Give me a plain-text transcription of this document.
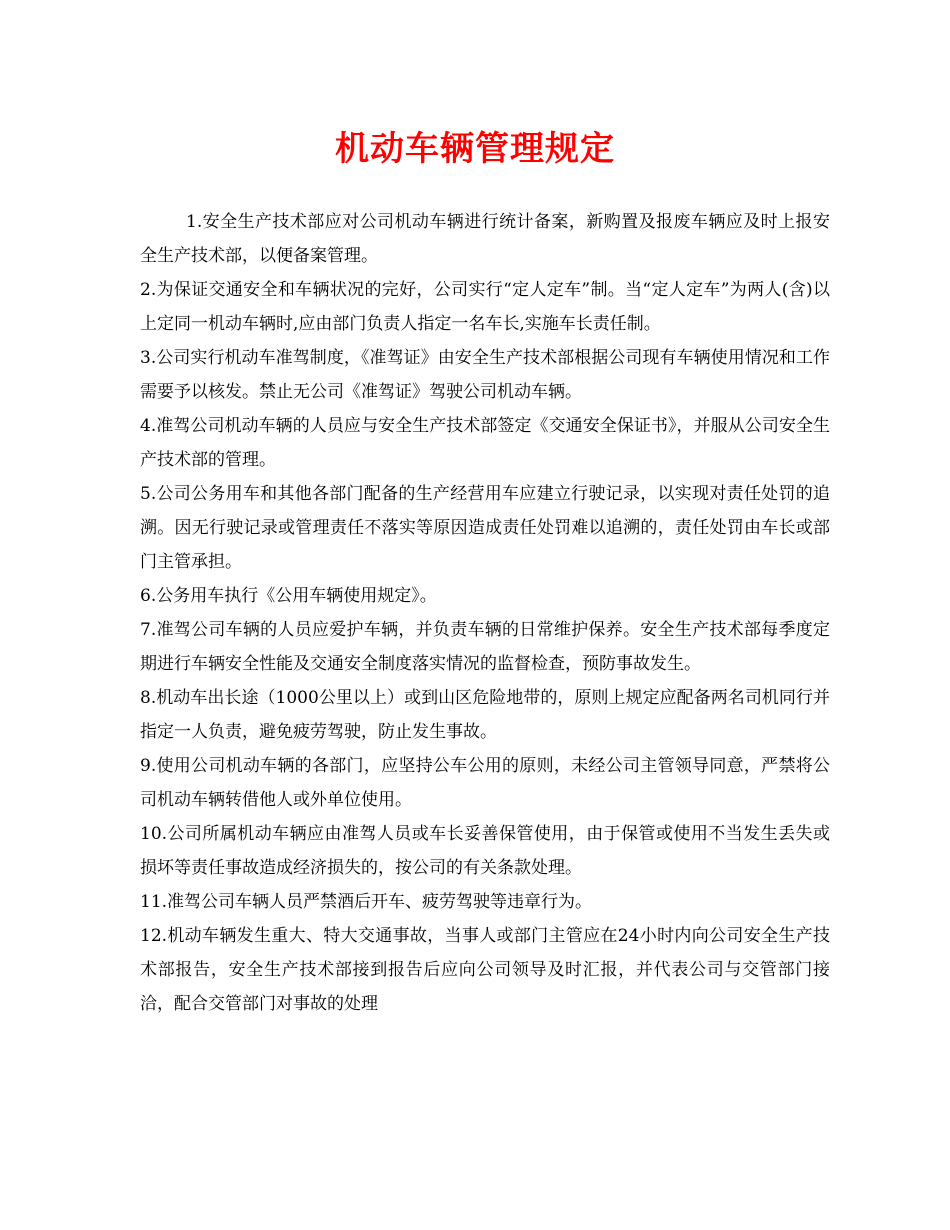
机动车辆管理规定

1.安全生产技术部应对公司机动车辆进行统计备案，新购置及报废车辆应及时上报安全生产技术部，以便备案管理。

2.为保证交通安全和车辆状况的完好，公司实行“定人定车”制。当“定人定车”为两人(含)以上定同一机动车辆时,应由部门负责人指定一名车长,实施车长责任制。

3.公司实行机动车准驾制度，《准驾证》由安全生产技术部根据公司现有车辆使用情况和工作需要予以核发。禁止无公司《准驾证》驾驶公司机动车辆。

4.准驾公司机动车辆的人员应与安全生产技术部签定《交通安全保证书》，并服从公司安全生产技术部的管理。

5.公司公务用车和其他各部门配备的生产经营用车应建立行驶记录，以实现对责任处罚的追溯。因无行驶记录或管理责任不落实等原因造成责任处罚难以追溯的，责任处罚由车长或部门主管承担。

6.公务用车执行《公用车辆使用规定》。

7.准驾公司车辆的人员应爱护车辆，并负责车辆的日常维护保养。安全生产技术部每季度定期进行车辆安全性能及交通安全制度落实情况的监督检查，预防事故发生。

8.机动车出长途（1000公里以上）或到山区危险地带的，原则上规定应配备两名司机同行并指定一人负责，避免疲劳驾驶，防止发生事故。

9.使用公司机动车辆的各部门，应坚持公车公用的原则，未经公司主管领导同意，严禁将公司机动车辆转借他人或外单位使用。

10.公司所属机动车辆应由准驾人员或车长妥善保管使用，由于保管或使用不当发生丢失或损坏等责任事故造成经济损失的，按公司的有关条款处理。

11.准驾公司车辆人员严禁酒后开车、疲劳驾驶等违章行为。

12.机动车辆发生重大、特大交通事故，当事人或部门主管应在24小时内向公司安全生产技术部报告，安全生产技术部接到报告后应向公司领导及时汇报，并代表公司与交管部门接洽，配合交管部门对事故的处理
